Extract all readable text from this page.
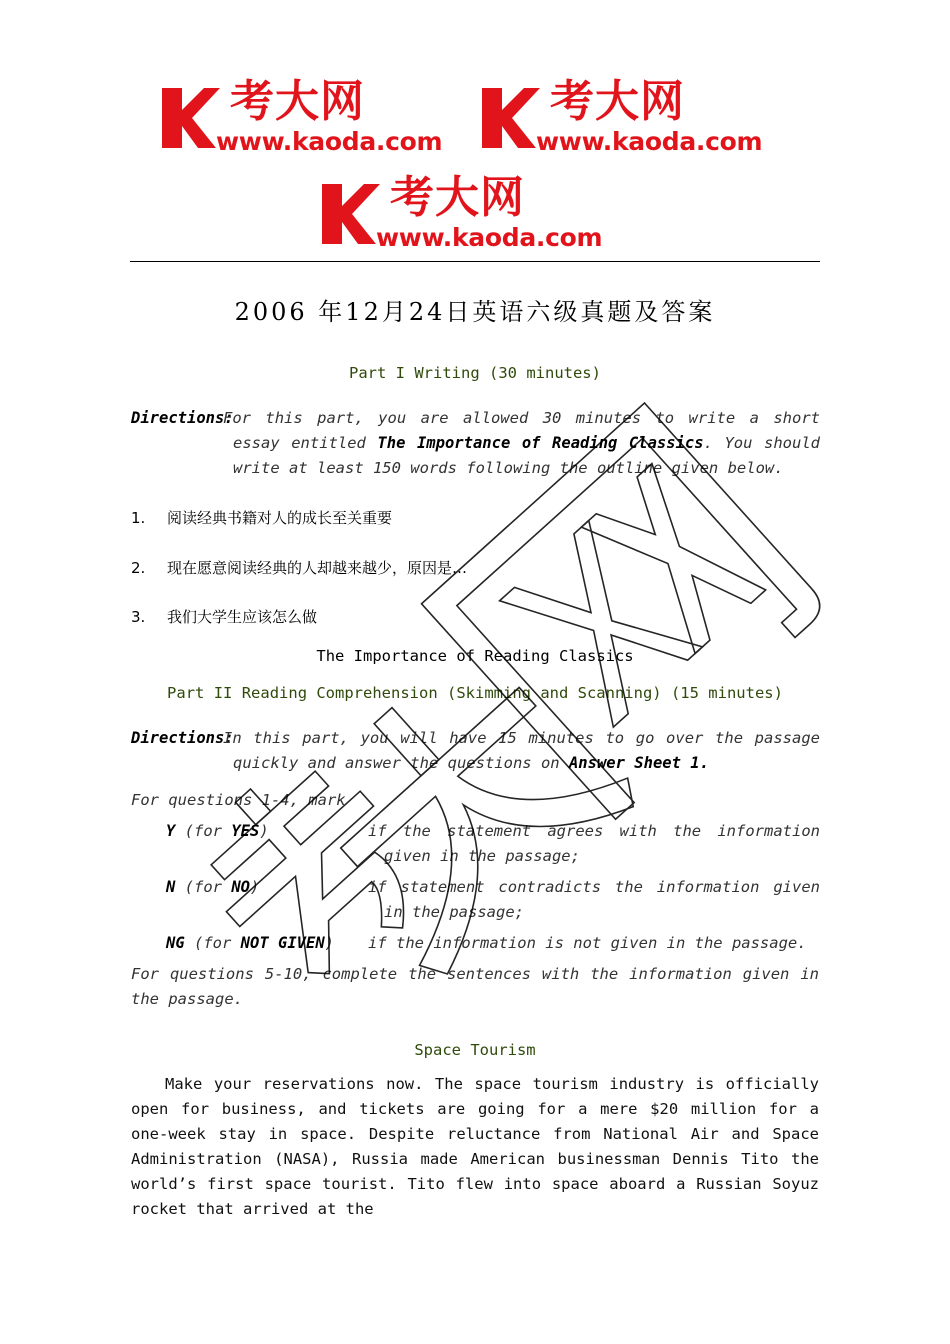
考大网
www.kaoda.com
考大网
www.kaoda.com
考大网
www.kaoda.com
2006 年12月24日英语六级真题及答案
Part I Writing (30 minutes)
Directions:
For this part, you are allowed 30 minutes to write a short essay entitled The Importance of Reading Classics. You should write at least 150 words following the outline given below.
1. 阅读经典书籍对人的成长至关重要
2. 现在愿意阅读经典的人却越来越少，原因是…
3. 我们大学生应该怎么做
The Importance of Reading Classics
Part II Reading Comprehension (Skimming and Scanning) (15 minutes)
Directions:
In this part, you will have 15 minutes to go over the passage quickly and answer the questions on Answer Sheet 1.
For questions 1-4, mark
Y (for YES)	if the statement agrees with the information given in the passage;
N (for NO)	if statement contradicts the information given in the passage;
NG (for NOT GIVEN) if the information is not given in the passage.
For questions 5-10, complete the sentences with the information given in the passage.
Space Tourism
Make your reservations now. The space tourism industry is officially open for business, and tickets are going for a mere $20 million for a one-week stay in space. Despite reluctance from National Air and Space Administration (NASA), Russia made American businessman Dennis Tito the world’s first space tourist. Tito flew into space aboard a Russian Soyuz rocket that arrived at the
